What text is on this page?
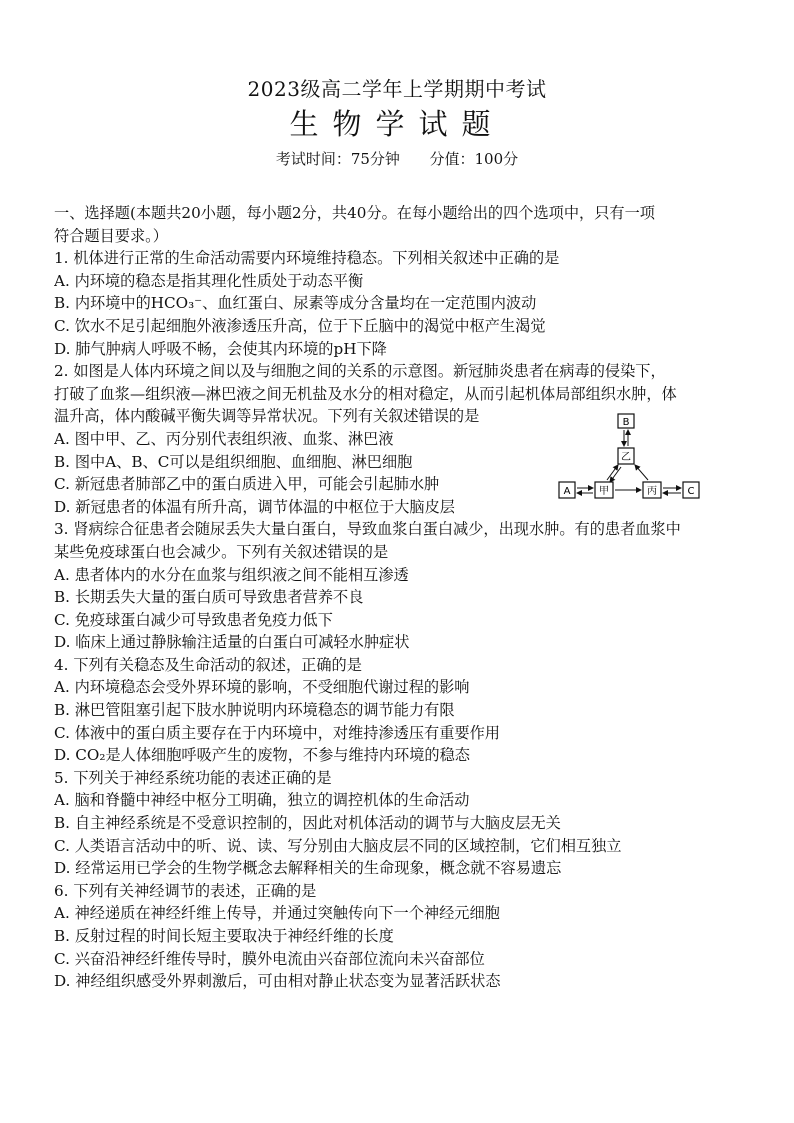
2023级高二学年上学期期中考试
生物学试题
考试时间：75分钟 分值：100分
一、选择题(本题共20小题，每小题2分，共40分。在每小题给出的四个选项中，只有一项
符合题目要求。）
1. 机体进行正常的生命活动需要内环境维持稳态。下列相关叙述中正确的是
A. 内环境的稳态是指其理化性质处于动态平衡
B. 内环境中的HCO₃⁻、血红蛋白、尿素等成分含量均在一定范围内波动
C. 饮水不足引起细胞外液渗透压升高，位于下丘脑中的渴觉中枢产生渴觉
D. 肺气肿病人呼吸不畅，会使其内环境的pH下降
2. 如图是人体内环境之间以及与细胞之间的关系的示意图。新冠肺炎患者在病毒的侵染下，
打破了血浆—组织液—淋巴液之间无机盐及水分的相对稳定，从而引起机体局部组织水肿，体
温升高，体内酸碱平衡失调等异常状况。下列有关叙述错误的是
A. 图中甲、乙、丙分别代表组织液、血浆、淋巴液
B. 图中A、B、C可以是组织细胞、血细胞、淋巴细胞
C. 新冠患者肺部乙中的蛋白质进入甲，可能会引起肺水肿
D. 新冠患者的体温有所升高，调节体温的中枢位于大脑皮层
3. 肾病综合征患者会随尿丢失大量白蛋白，导致血浆白蛋白减少，出现水肿。有的患者血浆中
某些免疫球蛋白也会减少。下列有关叙述错误的是
A. 患者体内的水分在血浆与组织液之间不能相互渗透
B. 长期丢失大量的蛋白质可导致患者营养不良
C. 免疫球蛋白减少可导致患者免疫力低下
D. 临床上通过静脉输注适量的白蛋白可减轻水肿症状
4. 下列有关稳态及生命活动的叙述，正确的是
A. 内环境稳态会受外界环境的影响，不受细胞代谢过程的影响
B. 淋巴管阻塞引起下肢水肿说明内环境稳态的调节能力有限
C. 体液中的蛋白质主要存在于内环境中，对维持渗透压有重要作用
D. CO₂是人体细胞呼吸产生的废物，不参与维持内环境的稳态
5. 下列关于神经系统功能的表述正确的是
A. 脑和脊髓中神经中枢分工明确，独立的调控机体的生命活动
B. 自主神经系统是不受意识控制的，因此对机体活动的调节与大脑皮层无关
C. 人类语言活动中的听、说、读、写分别由大脑皮层不同的区域控制，它们相互独立
D. 经常运用已学会的生物学概念去解释相关的生命现象，概念就不容易遗忘
6. 下列有关神经调节的表述，正确的是
A. 神经递质在神经纤维上传导，并通过突触传向下一个神经元细胞
B. 反射过程的时间长短主要取决于神经纤维的长度
C. 兴奋沿神经纤维传导时，膜外电流由兴奋部位流向未兴奋部位
D. 神经组织感受外界刺激后，可由相对静止状态变为显著活跃状态
B
乙
A	甲	丙	C
